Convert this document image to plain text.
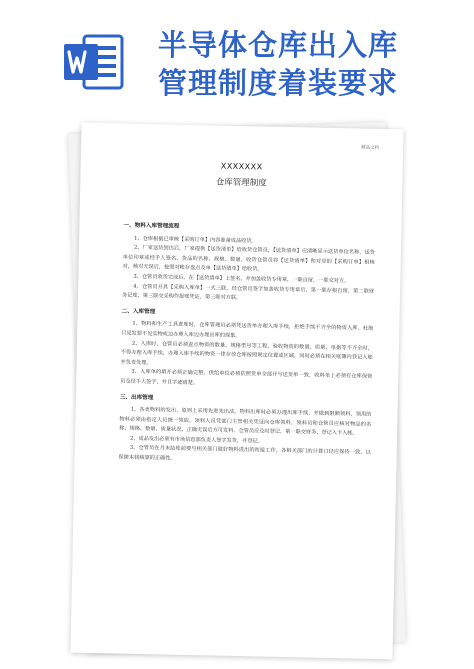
半导体仓库出入库
管理制度着装要求
精品文档
XXXXXXX
仓库管理制度
一、物料入库管理流程

1、仓库根据已审核【采购订单】内容准备成品收货。

2、厂家送货到达后，厂家提供【送货清单】给收货仓管员，【送货清单】应清晰显示送货单位名称、送货单位印章或经手人签名、货品的名称、规格、数量、收货仓管员将【送货清单】和对应的【采购订单】相核对，核对无误后，按照对帐存盘点及单【送货清单】给收货。

3、仓管员收货完成后，在【送货清单】上签名，并加盖收货专用章，一联自留，一联交对方。

4、仓管员开具【采购入库单】一式三联，经仓管员签字加盖收货专用章后，第一联存根自留，第二联财务记账，第三联交采购作报账凭证，第三联对方联。

二、入库管理

1、物料和生产工具进库时，仓库管理员必须凭送货单办理入库手续，拒绝手续不齐全的物资入库，杜绝只见发票不见实物或边办理入库边办理出库的现象。

2、入库时，仓管员必须查点物资的数量、规格型号等工程，验收物资的数量、质量、单据等不齐全时，不得办理入库手续，办理入库手续的物资一律存放仓库按照规定位置或区域，同时必须在相关账簿内登记入账并负责处理。

3、入库单的填开必须正确完整，供给单位必须依照货单全部开与送货单一致，收料单上必须有仓库保管员及经手人签字，并且字迹清楚。

三、出库管理

1、各类物料的发出，原则上采用先进先出法，物料出库时必须办理出库手续，并做到限额领料，领用的物料必须由指定人员统一领取，领料人员凭部门主管相关凭证向仓库领料，领料员和仓管员应核对物品的名称、规格、数量、质量状况，正确无误后方可发料，仓管员应及时登记，第一联交财务、登记入卡入帐。

2、成品发出必须有市场信息部负责人签字发货，并登记。

3、仓管员在月末结账前要与相关部门做好物料进出的衔接工作，各相关部门的计算口径应保持一致，以保障本钱核算的正确性。
